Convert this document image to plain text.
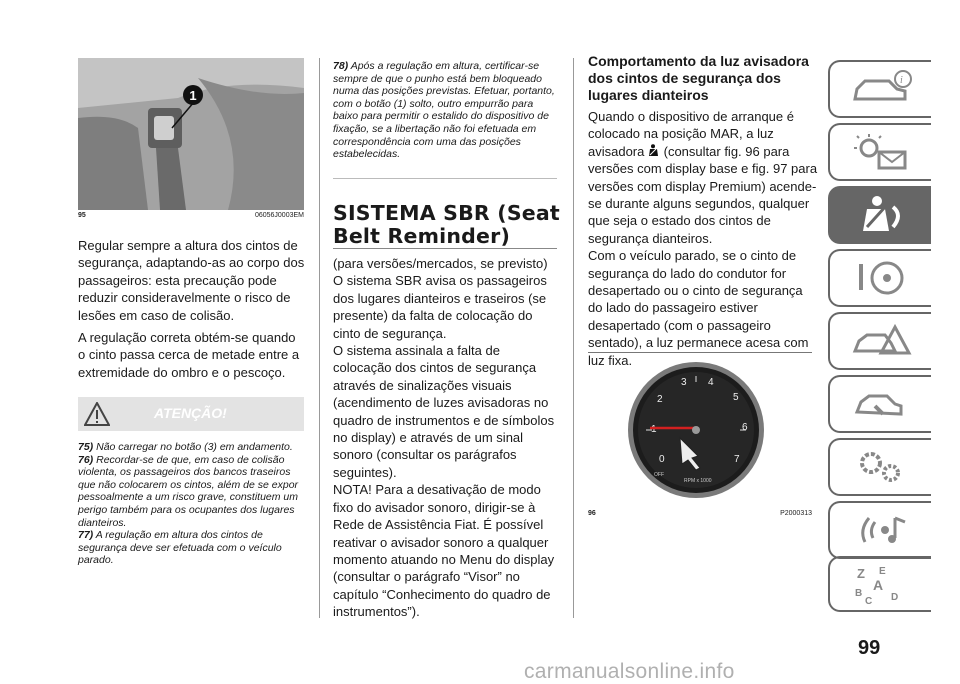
1
95	06056J0003EM

Regular sempre a altura dos cintos de segurança, adaptando-as ao corpo dos passageiros: esta precaução pode reduzir consideravelmente o risco de lesões em caso de colisão.

A regulação correta obtém-se quando o cinto passa cerca de metade entre a extremidade do ombro e o pescoço.

ATENÇÃO!
75) Não carregar no botão (3) em andamento.
76) Recordar-se de que, em caso de colisão violenta, os passageiros dos bancos traseiros que não colocarem os cintos, além de se expor pessoalmente a um risco grave, constituem um perigo também para os ocupantes dos lugares dianteiros.
77) A regulação em altura dos cintos de segurança deve ser efetuada com o veículo parado.
78) Após a regulação em altura, certificar-se sempre de que o punho está bem bloqueado numa das posições previstas. Efetuar, portanto, com o botão (1) solto, outro empurrão para baixo para permitir o estalido do dispositivo de fixação, se a libertação não foi efetuada em correspondência com uma das posições estabelecidas.
SISTEMA SBR (Seat Belt Reminder)

(para versões/mercados, se previsto)

O sistema SBR avisa os passageiros dos lugares dianteiros e traseiros (se presente) da falta de colocação do cinto de segurança.

O sistema assinala a falta de colocação dos cintos de segurança através de sinalizações visuais (acendimento de luzes avisadoras no quadro de instrumentos e de símbolos no display) e através de um sinal sonoro (consultar os parágrafos seguintes).

NOTA! Para a desativação de modo fixo do avisador sonoro, dirigir-se à Rede de Assistência Fiat. É possível reativar o avisador sonoro a qualquer momento atuando no Menu do display (consultar o parágrafo “Visor” no capítulo “Conhecimento do quadro de instrumentos”).

Comportamento da luz avisadora dos cintos de segurança dos lugares dianteiros

Quando o dispositivo de arranque é colocado na posição MAR, a luz avisadora (consultar fig. 96 para versões com display base e fig. 97 para versões com display Premium) acende-se durante alguns segundos, qualquer que seja o estado dos cintos de segurança dianteiros.

Com o veículo parado, se o cinto de segurança do lado do condutor for desapertado ou o cinto de segurança do lado do passageiro estiver desapertado (com o passageiro sentado), a luz permanece acesa com luz fixa.

0
1
2
3 4
5
6
7
OFF
RPM x 1000
96	P2000313
i
Z E
A
B
C D
99
carmanualsonline.info
